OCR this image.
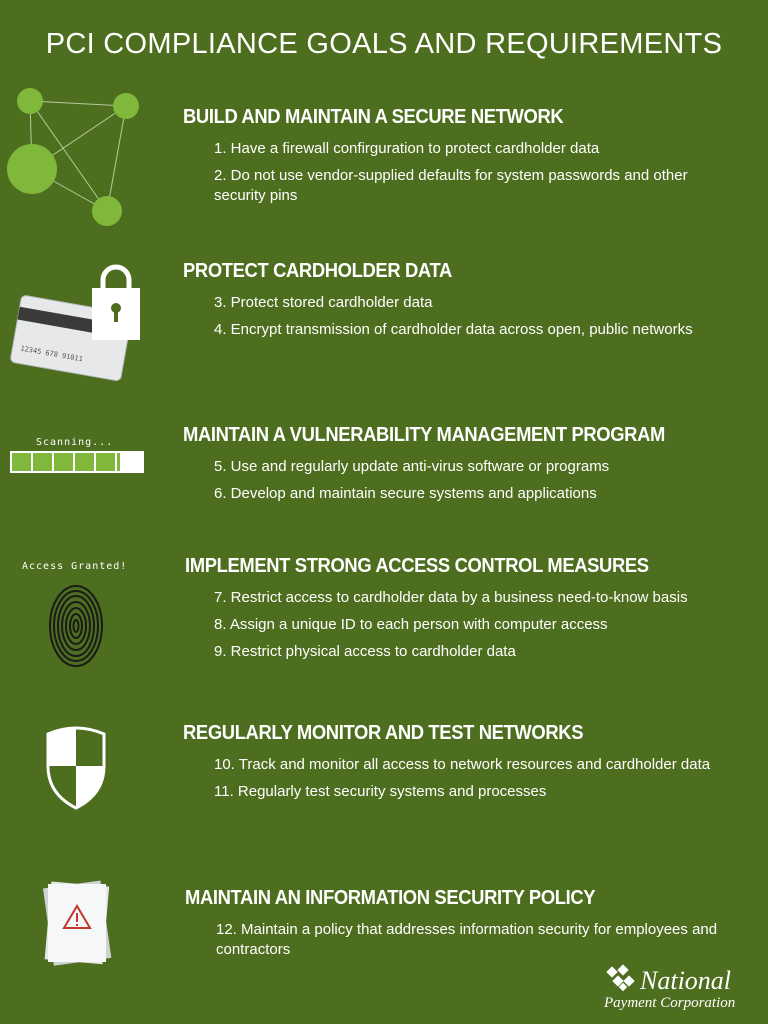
PCI COMPLIANCE GOALS AND REQUIREMENTS
BUILD AND MAINTAIN A SECURE NETWORK
1. Have a firewall confirguration to protect cardholder data
2. Do not use vendor-supplied defaults for system passwords and other security pins
12345 678 91011
PROTECT CARDHOLDER DATA
3. Protect stored cardholder data
4. Encrypt transmission of cardholder data across open, public networks
Scanning...	MAINTAIN A VULNERABILITY MANAGEMENT PROGRAM
5. Use and regularly update anti-virus software or programs
6. Develop and maintain secure systems and applications
Access Granted!	IMPLEMENT STRONG ACCESS CONTROL MEASURES
7. Restrict access to cardholder data by a business need-to-know basis
8. Assign a unique ID to each person with computer access
9. Restrict physical access to cardholder data
REGULARLY MONITOR AND TEST NETWORKS
10. Track and monitor all access to network resources and cardholder data
11. Regularly test security systems and processes
MAINTAIN AN INFORMATION SECURITY POLICY
12. Maintain a policy that addresses information security for employees and contractors
National
Payment Corporation
